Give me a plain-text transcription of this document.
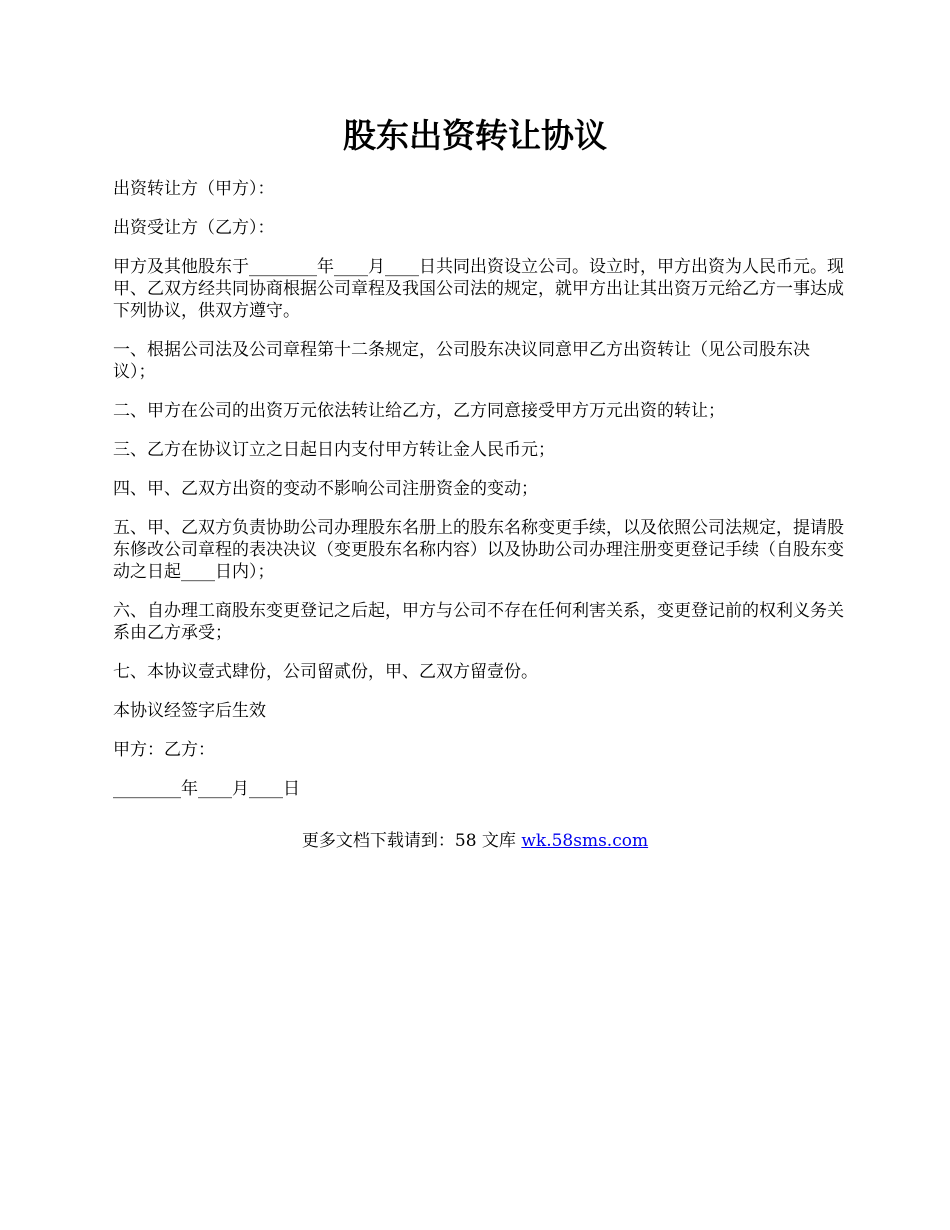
股东出资转让协议

出资转让方（甲方）：

出资受让方（乙方）：

甲方及其他股东于________年____月____日共同出资设立公司。设立时，甲方出资为人民币元。现甲、乙双方经共同协商根据公司章程及我国公司法的规定，就甲方出让其出资万元给乙方一事达成下列协议，供双方遵守。

一、根据公司法及公司章程第十二条规定，公司股东决议同意甲乙方出资转让（见公司股东决议）；

二、甲方在公司的出资万元依法转让给乙方，乙方同意接受甲方万元出资的转让；

三、乙方在协议订立之日起日内支付甲方转让金人民币元；

四、甲、乙双方出资的变动不影响公司注册资金的变动；

五、甲、乙双方负责协助公司办理股东名册上的股东名称变更手续，以及依照公司法规定，提请股东修改公司章程的表决决议（变更股东名称内容）以及协助公司办理注册变更登记手续（自股东变动之日起____日内）；

六、自办理工商股东变更登记之后起，甲方与公司不存在任何利害关系，变更登记前的权利义务关系由乙方承受；

七、本协议壹式肆份，公司留贰份，甲、乙双方留壹份。

本协议经签字后生效

甲方：乙方：

________年____月____日

更多文档下载请到：58 文库 wk.58sms.com
